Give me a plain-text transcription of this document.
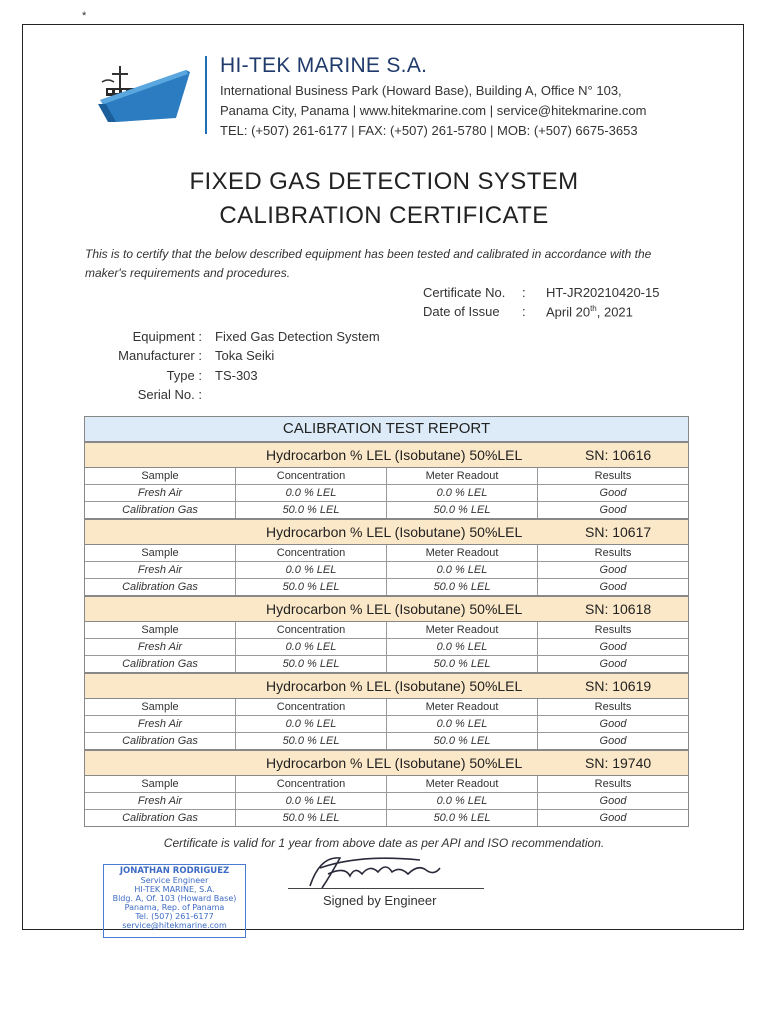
*
HI-TEK MARINE S.A.
International Business Park (Howard Base), Building A, Office N° 103,
Panama City, Panama | www.hitekmarine.com | service@hitekmarine.com
TEL: (+507) 261-6177 | FAX: (+507) 261-5780 | MOB: (+507) 6675-3653
FIXED GAS DETECTION SYSTEM
CALIBRATION CERTIFICATE
This is to certify that the below described equipment has been tested and calibrated in accordance with the maker's requirements and procedures.
Certificate No. : HT-JR20210420-15
Date of Issue : April 20th, 2021
Equipment : Fixed Gas Detection System
Manufacturer : Toka Seiki
Type : TS-303
Serial No. :
CALIBRATION TEST REPORT
Hydrocarbon % LEL (Isobutane) 50%LEL	SN: 10616
Sample	Concentration	Meter Readout	Results
Fresh Air	0.0 % LEL	0.0 % LEL	Good
Calibration Gas	50.0 % LEL	50.0 % LEL	Good
Hydrocarbon % LEL (Isobutane) 50%LEL	SN: 10617
Sample	Concentration	Meter Readout	Results
Fresh Air	0.0 % LEL	0.0 % LEL	Good
Calibration Gas	50.0 % LEL	50.0 % LEL	Good
Hydrocarbon % LEL (Isobutane) 50%LEL	SN: 10618
Sample	Concentration	Meter Readout	Results
Fresh Air	0.0 % LEL	0.0 % LEL	Good
Calibration Gas	50.0 % LEL	50.0 % LEL	Good
Hydrocarbon % LEL (Isobutane) 50%LEL	SN: 10619
Sample	Concentration	Meter Readout	Results
Fresh Air	0.0 % LEL	0.0 % LEL	Good
Calibration Gas	50.0 % LEL	50.0 % LEL	Good
Hydrocarbon % LEL (Isobutane) 50%LEL	SN: 19740
Sample	Concentration	Meter Readout	Results
Fresh Air	0.0 % LEL	0.0 % LEL	Good
Calibration Gas	50.0 % LEL	50.0 % LEL	Good
Certificate is valid for 1 year from above date as per API and ISO recommendation.
JONATHAN RODRIGUEZ
Service Engineer
HI-TEK MARINE, S.A.
Bldg. A, Of. 103 (Howard Base)
Panama, Rep. of Panama
Tel. (507) 261-6177
service@hitekmarine.com
Signed by Engineer
